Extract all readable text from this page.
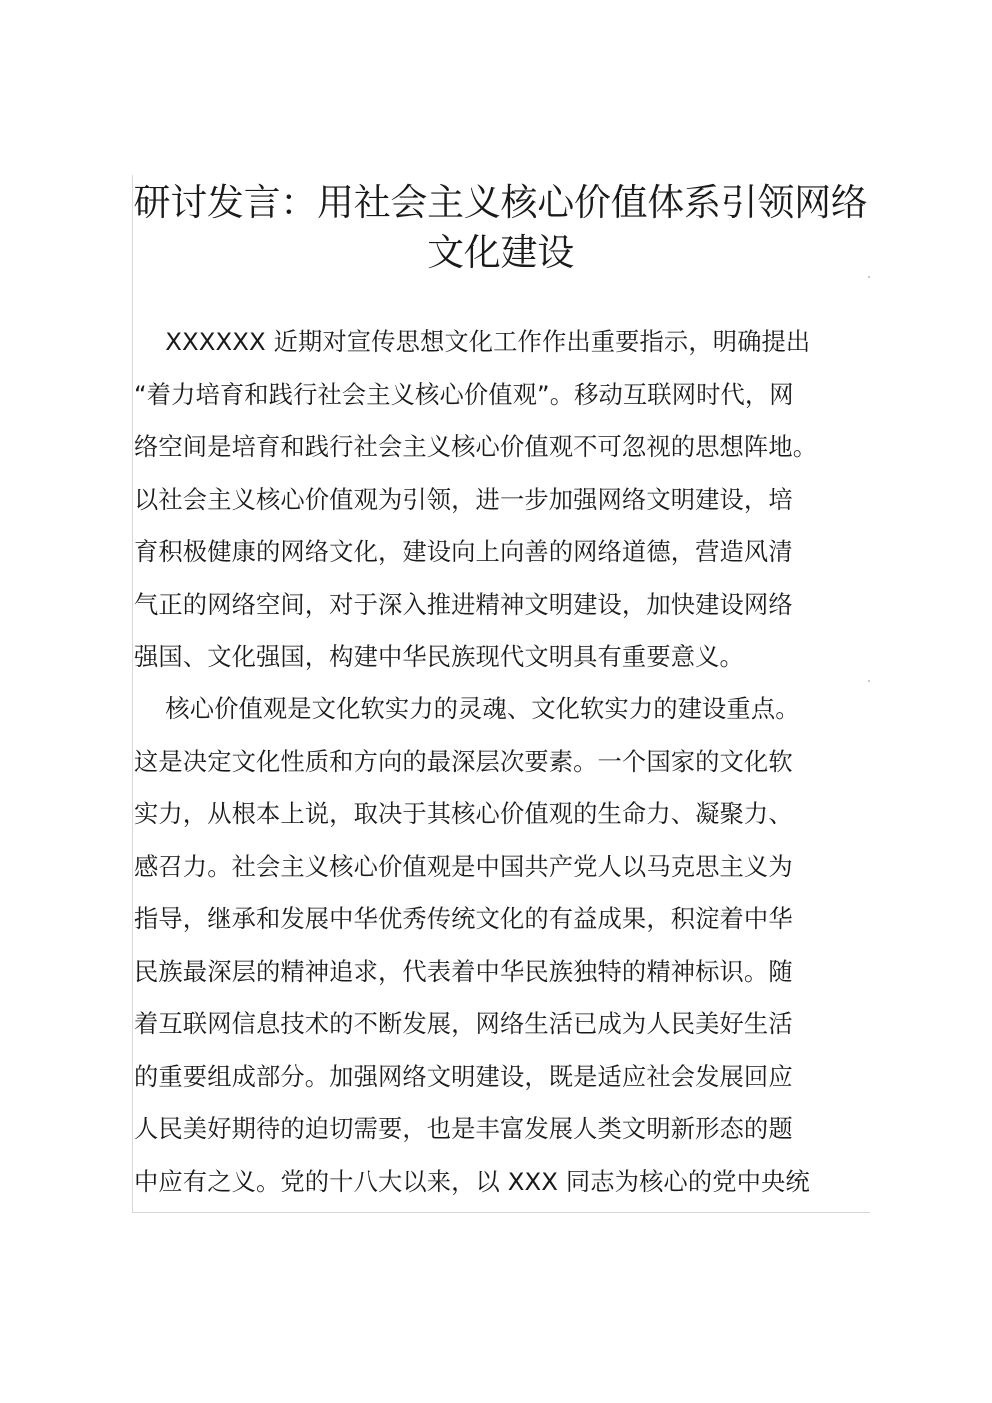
研讨发言：用社会主义核心价值体系引领网络
文化建设

XXXXXX 近期对宣传思想文化工作作出重要指示，明确提出
“着力培育和践行社会主义核心价值观”。移动互联网时代，网
络空间是培育和践行社会主义核心价值观不可忽视的思想阵地。
以社会主义核心价值观为引领，进一步加强网络文明建设，培
育积极健康的网络文化，建设向上向善的网络道德，营造风清
气正的网络空间，对于深入推进精神文明建设，加快建设网络
强国、文化强国，构建中华民族现代文明具有重要意义。

核心价值观是文化软实力的灵魂、文化软实力的建设重点。
这是决定文化性质和方向的最深层次要素。一个国家的文化软
实力，从根本上说，取决于其核心价值观的生命力、凝聚力、
感召力。社会主义核心价值观是中国共产党人以马克思主义为
指导，继承和发展中华优秀传统文化的有益成果，积淀着中华
民族最深层的精神追求，代表着中华民族独特的精神标识。随
着互联网信息技术的不断发展，网络生活已成为人民美好生活
的重要组成部分。加强网络文明建设，既是适应社会发展回应
人民美好期待的迫切需要，也是丰富发展人类文明新形态的题
中应有之义。党的十八大以来，以 XXX 同志为核心的党中央统
